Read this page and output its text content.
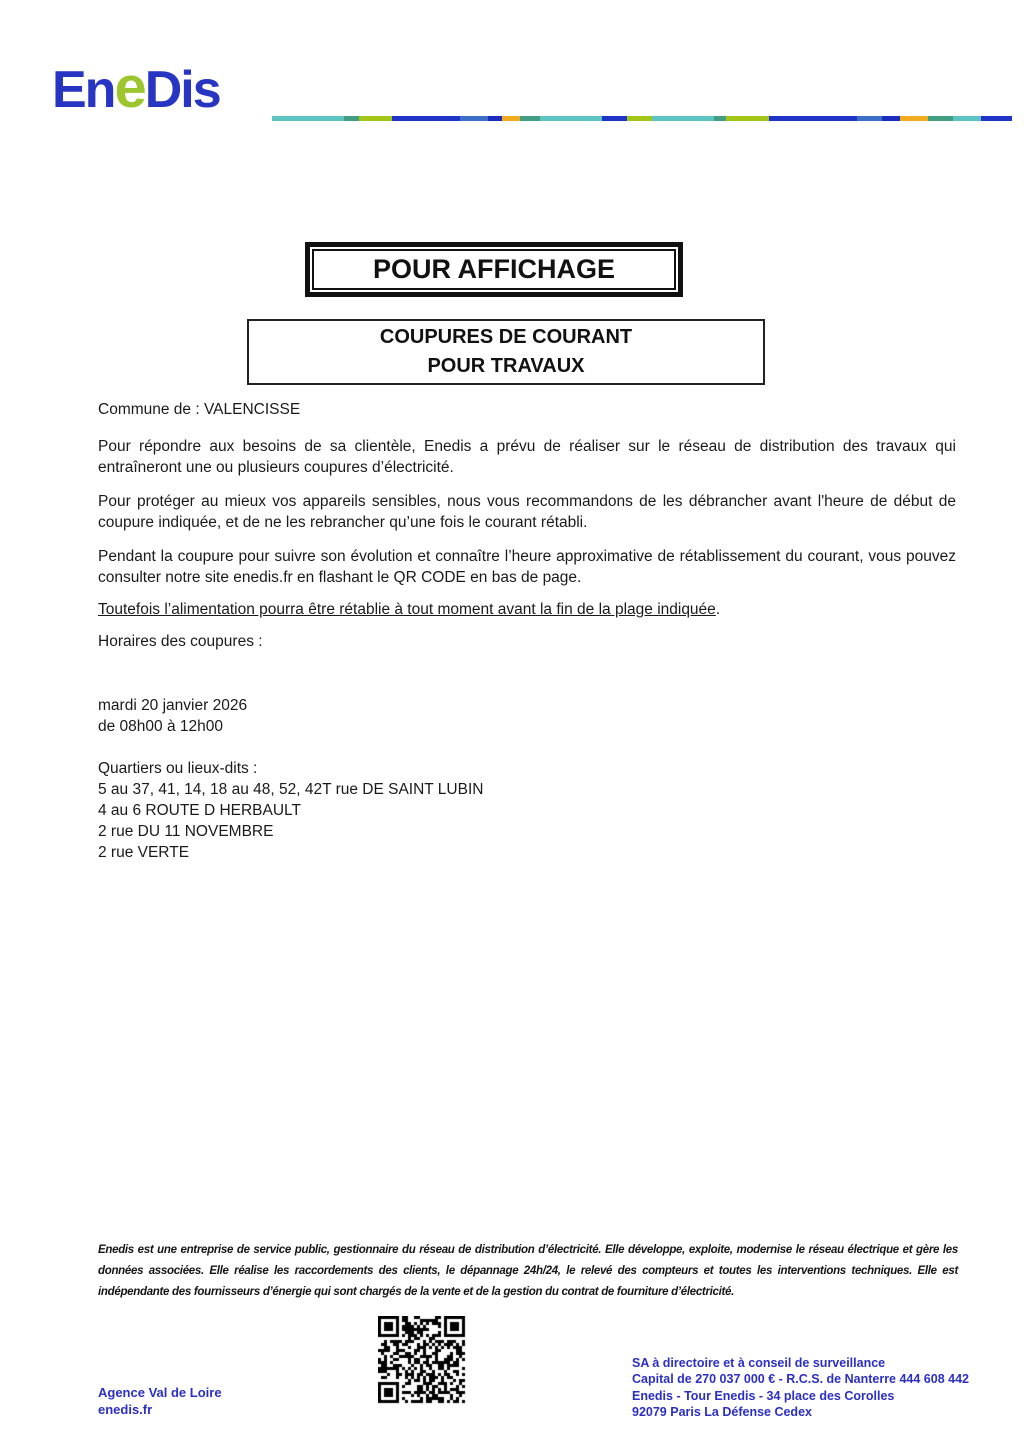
EneDis
POUR AFFICHAGE
COUPURES DE COURANT
POUR TRAVAUX

Commune de : VALENCISSE

Pour répondre aux besoins de sa clientèle, Enedis a prévu de réaliser sur le réseau de distribution des travaux qui entraîneront une ou plusieurs coupures d’électricité.

Pour protéger au mieux vos appareils sensibles, nous vous recommandons de les débrancher avant l'heure de début de coupure indiquée, et de ne les rebrancher qu’une fois le courant rétabli.

Pendant la coupure pour suivre son évolution et connaître l’heure approximative de rétablissement du courant, vous pouvez consulter notre site enedis.fr en flashant le QR CODE en bas de page.

Toutefois l’alimentation pourra être rétablie à tout moment avant la fin de la plage indiquée.

Horaires des coupures :

mardi 20 janvier 2026

de 08h00 à 12h00

Quartiers ou lieux-dits :
5 au 37, 41, 14, 18 au 48, 52, 42T rue DE SAINT LUBIN
4 au 6 ROUTE D HERBAULT
2 rue DU 11 NOVEMBRE
2 rue VERTE
Enedis est une entreprise de service public, gestionnaire du réseau de distribution d’électricité. Elle développe, exploite, modernise le réseau électrique et gère les données associées. Elle réalise les raccordements des clients, le dépannage 24h/24, le relevé des compteurs et toutes les interventions techniques. Elle est indépendante des fournisseurs d’énergie qui sont chargés de la vente et de la gestion du contrat de fourniture d’électricité.
Agence Val de Loire
enedis.fr
SA à directoire et à conseil de surveillance
Capital de 270 037 000 € - R.C.S. de Nanterre 444 608 442
Enedis - Tour Enedis - 34 place des Corolles
92079 Paris La Défense Cedex
